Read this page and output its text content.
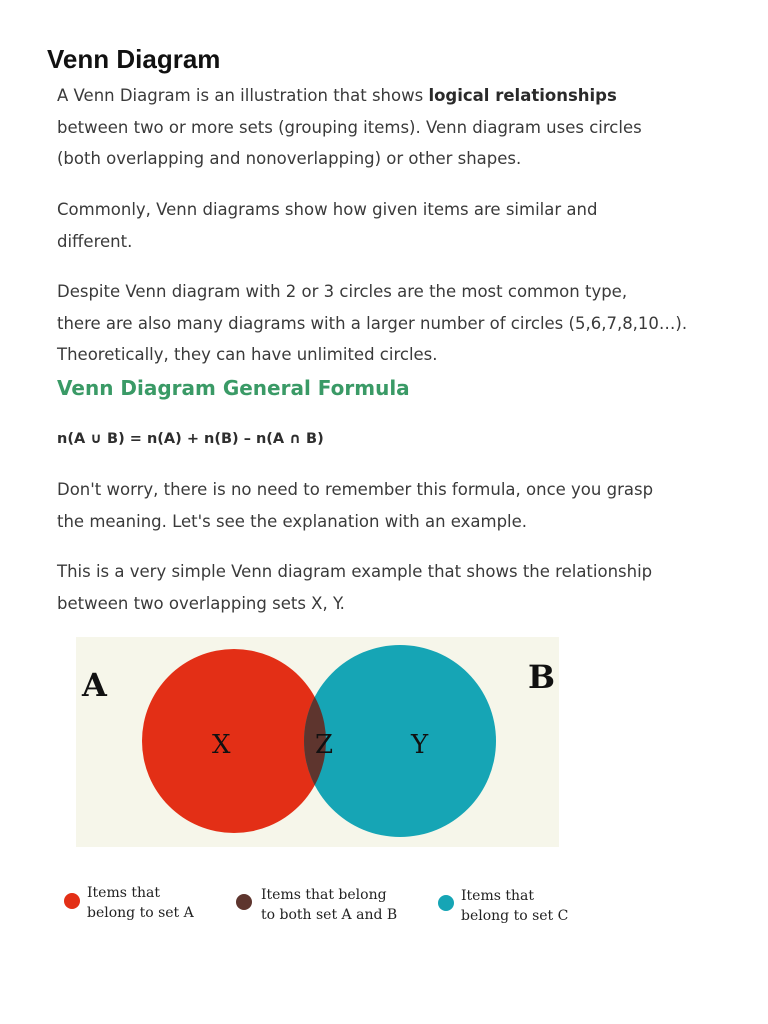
Venn Diagram

A Venn Diagram is an illustration that shows logical relationships
between two or more sets (grouping items). Venn diagram uses circles
(both overlapping and nonoverlapping) or other shapes.

Commonly, Venn diagrams show how given items are similar and
different.

Despite Venn diagram with 2 or 3 circles are the most common type,
there are also many diagrams with a larger number of circles (5,6,7,8,10…).
Theoretically, they can have unlimited circles.

Venn Diagram General Formula

n(A ∪ B) = n(A) + n(B) – n(A ∩ B)

Don't worry, there is no need to remember this formula, once you grasp
the meaning. Let's see the explanation with an example.

This is a very simple Venn diagram example that shows the relationship
between two overlapping sets X, Y.

A	B
X	Z	Y
Items that
belong to set A
Items that belong
to both set A and B
Items that
belong to set C
